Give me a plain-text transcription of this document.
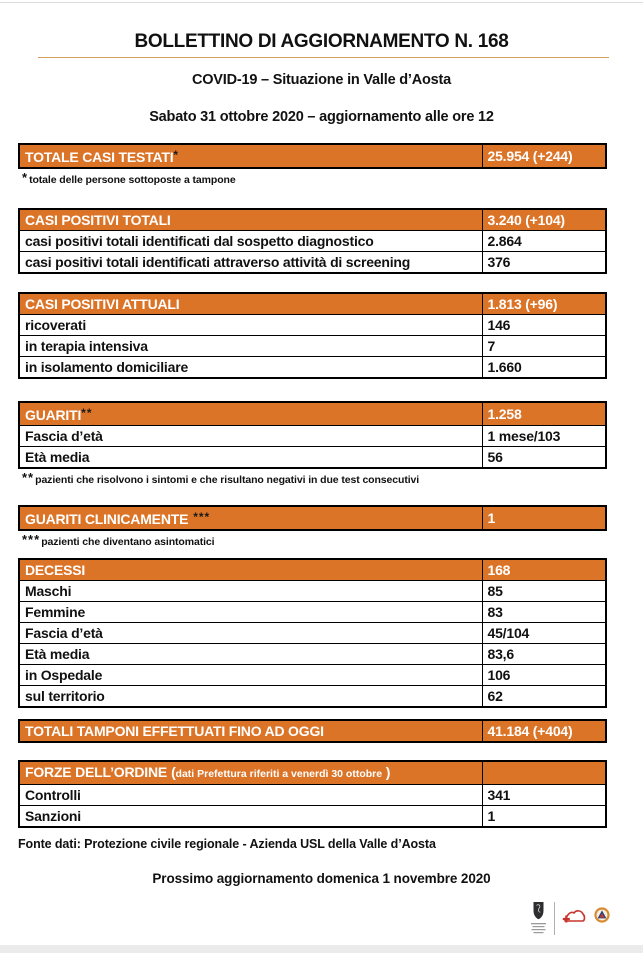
BOLLETTINO DI AGGIORNAMENTO N. 168
COVID-19 – Situazione in Valle d’Aosta
Sabato 31 ottobre 2020 – aggiornamento alle ore 12
TOTALE CASI TESTATI*	25.954 (+244)
*totale delle persone sottoposte a tampone
CASI POSITIVI TOTALI	3.240 (+104)
casi positivi totali identificati dal sospetto diagnostico	2.864
casi positivi totali identificati attraverso attività di screening	376
CASI POSITIVI ATTUALI	1.813 (+96)
ricoverati	146
in terapia intensiva	7
in isolamento domiciliare	1.660
GUARITI**	1.258
Fascia d’età	1 mese/103
Età media	56
**pazienti che risolvono i sintomi e che risultano negativi in due test consecutivi
GUARITI CLINICAMENTE ***	1
***pazienti che diventano asintomatici
DECESSI	168
Maschi	85
Femmine	83
Fascia d’età	45/104
Età media	83,6
in Ospedale	106
sul territorio	62
TOTALI TAMPONI EFFETTUATI FINO AD OGGI	41.184 (+404)
FORZE DELL’ORDINE (dati Prefettura riferiti a venerdì 30 ottobre )	
Controlli	341
Sanzioni	1
Fonte dati: Protezione civile regionale - Azienda USL della Valle d’Aosta
Prossimo aggiornamento domenica 1 novembre 2020
